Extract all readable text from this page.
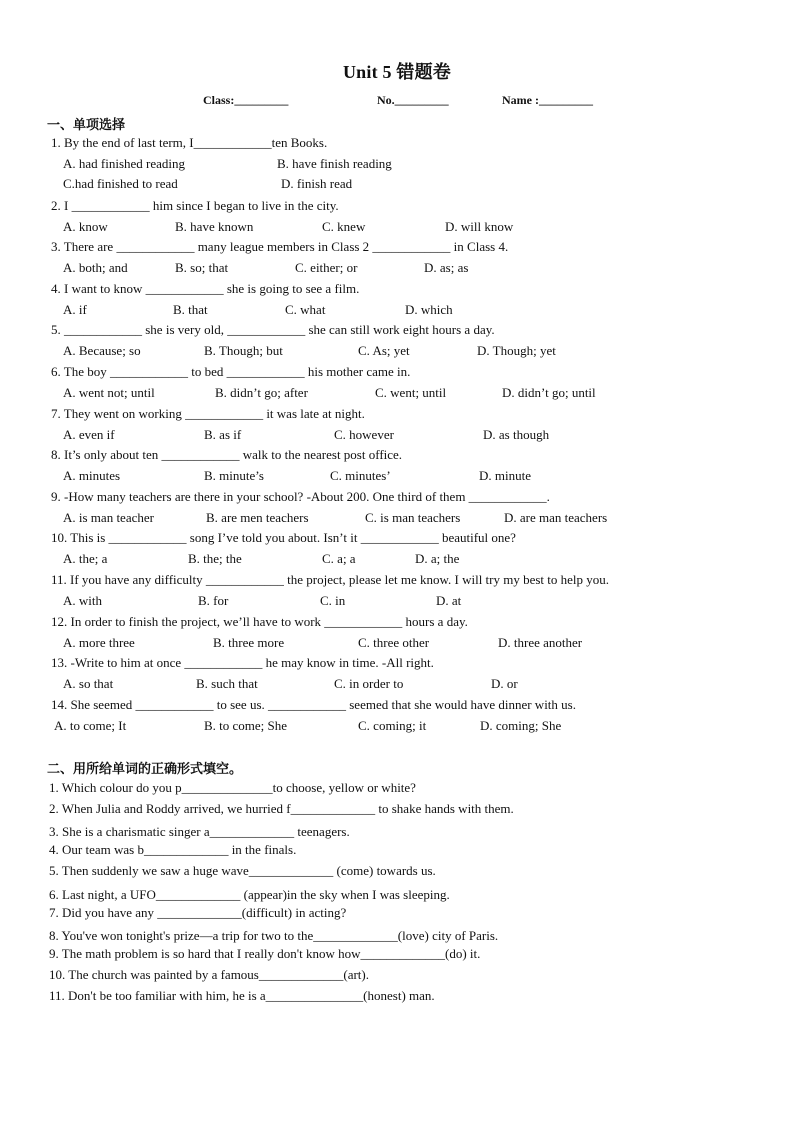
Unit 5 错题卷
Class:_________	No._________	Name :_________
一、单项选择
1. By the end of last term, I____________ten Books.
A. had finished reading	B. have finish reading
C.had finished to read	D. finish read
2. I ____________ him since I began to live in the city.
A. know	B. have known	C. knew	D. will know
3. There are ____________ many league members in Class 2 ____________ in Class 4.
A. both; and	B. so; that	C. either; or	D. as; as
4. I want to know ____________ she is going to see a film.
A. if	B. that	C. what	D. which
5. ____________ she is very old, ____________ she can still work eight hours a day.
A. Because; so	B. Though; but	C. As; yet	D. Though; yet
6. The boy ____________ to bed ____________ his mother came in.
A. went not; until	B. didn’t go; after	C. went; until	D. didn’t go; until
7. They went on working ____________ it was late at night.
A. even if	B. as if	C. however	D. as though
8. It’s only about ten ____________ walk to the nearest post office.
A. minutes	B. minute’s	C. minutes’	D. minute
9. -How many teachers are there in your school? -About 200. One third of them ____________.
A. is man teacher	B. are men teachers	C. is man teachers	D. are man teachers
10. This is ____________ song I’ve told you about. Isn’t it ____________ beautiful one?
A. the; a	B. the; the	C. a; a	D. a; the
11. If you have any difficulty ____________ the project, please let me know. I will try my best to help you.
A. with	B. for	C. in	D. at
12. In order to finish the project, we’ll have to work ____________ hours a day.
A. more three	B. three more	C. three other	D. three another
13. -Write to him at once ____________ he may know in time. -All right.
A. so that	B. such that	C. in order to	D. or
14. She seemed ____________ to see us. ____________ seemed that she would have dinner with us.
A. to come; It	B. to come; She	C. coming; it	D. coming; She
二、用所给单词的正确形式填空。
1. Which colour do you p______________to choose, yellow or white?
2. When Julia and Roddy arrived, we hurried f_____________ to shake hands with them.
3. She is a charismatic singer a_____________ teenagers.
4. Our team was b_____________ in the finals.
5. Then suddenly we saw a huge wave_____________ (come) towards us.
6. Last night, a UFO_____________ (appear)in the sky when I was sleeping.
7. Did you have any _____________(difficult) in acting?
8. You've won tonight's prize—a trip for two to the_____________(love) city of Paris.
9. The math problem is so hard that I really don't know how_____________(do) it.
10. The church was painted by a famous_____________(art).
11. Don't be too familiar with him, he is a_______________(honest) man.
